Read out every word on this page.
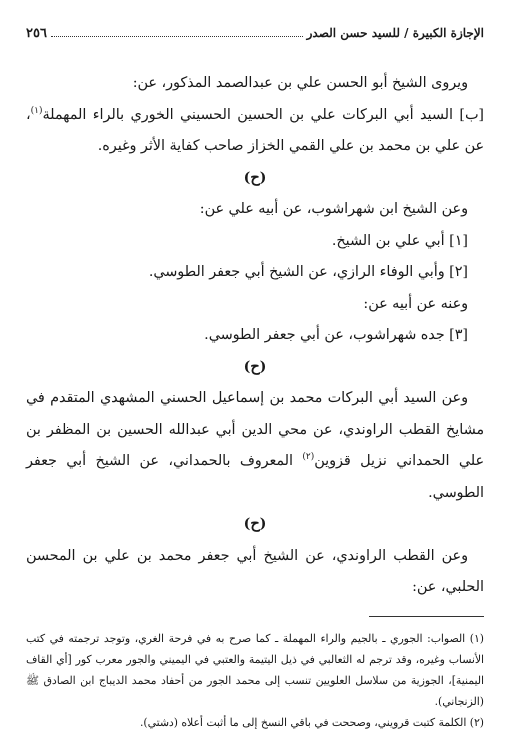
الإجازة الكبيرة / للسيد حسن الصدر
٢٥٦

ويروى الشيخ أبو الحسن علي بن عبدالصمد المذكور، عن:

[ب] السيد أبي البركات علي بن الحسين الحسيني الخوري بالراء المهملة$^{(١)}$، عن علي بن محمد بن علي القمي الخزاز صاحب كفاية الأثر وغيره.

(ح)

وعن الشيخ ابن شهراشوب، عن أبيه علي عن:

[١] أبي علي بن الشيخ.

[٢] وأبي الوفاء الرازي، عن الشيخ أبي جعفر الطوسي.

وعنه عن أبيه عن:

[٣] جده شهراشوب، عن أبي جعفر الطوسي.

(ح)

وعن السيد أبي البركات محمد بن إسماعيل الحسني المشهدي المتقدم في مشايخ القطب الراوندي، عن محي الدين أبي عبدالله الحسين بن المظفر بن علي الحمداني نزيل قزوين$^{(٢)}$ المعروف بالحمداني، عن الشيخ أبي جعفر الطوسي.

(ح)

وعن القطب الراوندي، عن الشيخ أبي جعفر محمد بن علي بن المحسن الحلبي، عن:

(١) الصواب: الجوري ـ بالجيم والراء المهملة ـ كما صرح به في فرحة الغري، وتوجد ترجمته في كتب الأنساب وغيره، وقد ترجم له الثعالبي في ذيل اليتيمة والعتبي في اليميني والجور معرب كور [أي القاف اليمنية]، الجوزية من سلاسل العلويين تنسب إلى محمد الجور من أحفاد محمد الديباج ابن الصادق ﷺ (الزنجاني).

(٢) الكلمة كتبت قرويني، وصححت في باقي النسخ إلى ما أثبت أعلاه (دشتي).
